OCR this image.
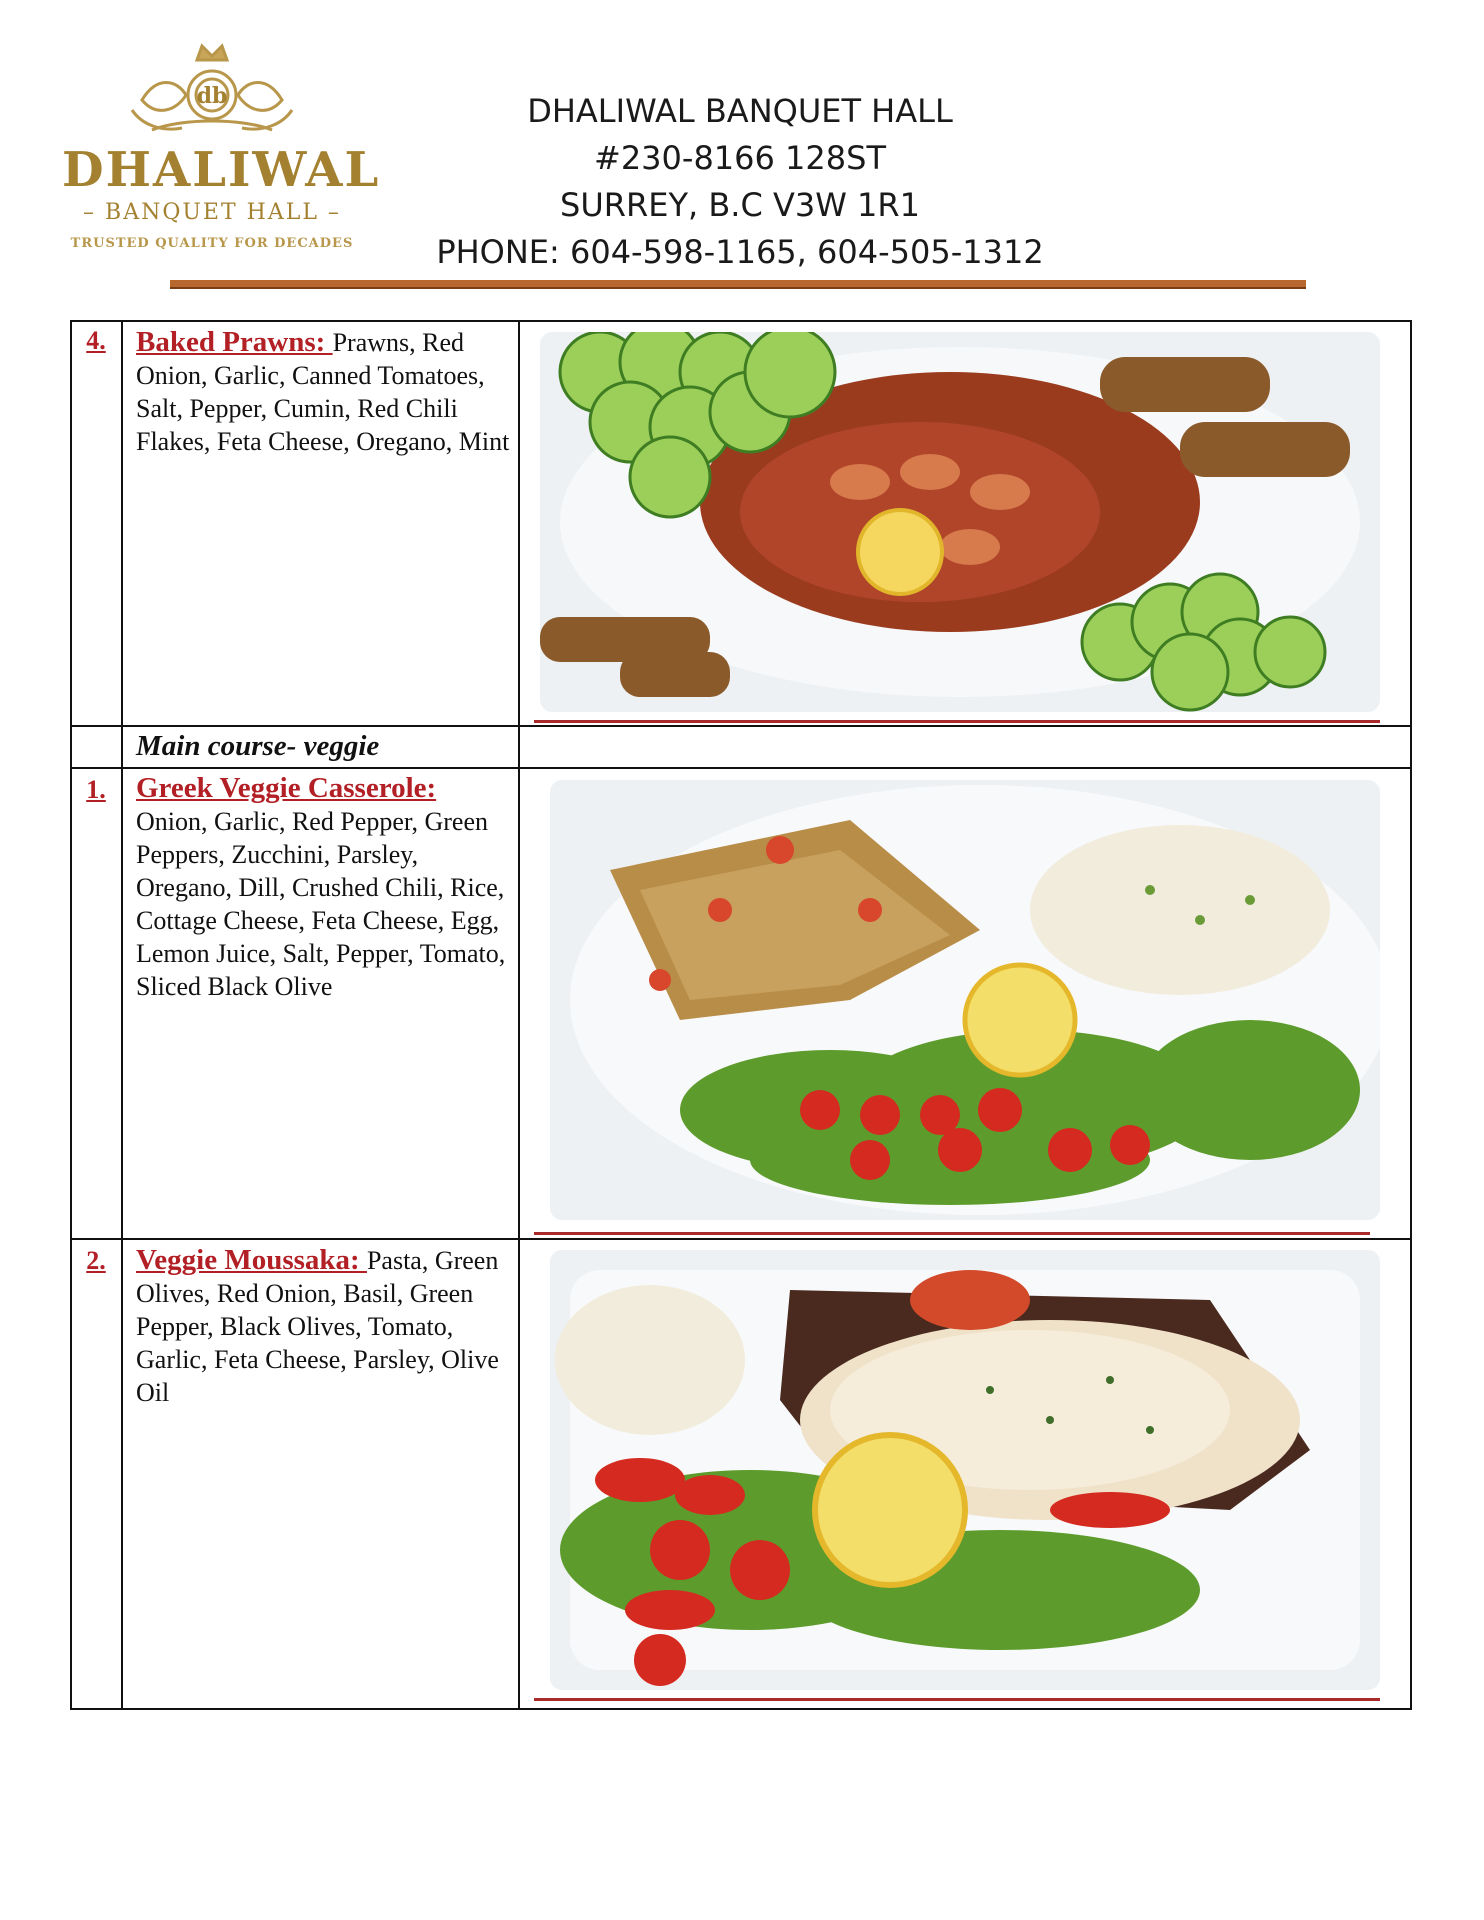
db
DHALIWAL
– BANQUET HALL –
TRUSTED QUALITY FOR DECADES
DHALIWAL BANQUET HALL
#230-8166 128ST
SURREY, B.C V3W 1R1
PHONE: 604-598-1165, 604-505-1312
4.	Baked Prawns: Prawns, Red Onion, Garlic, Canned Tomatoes, Salt, Pepper, Cumin, Red Chili Flakes, Feta Cheese, Oregano, Mint
Main course- veggie
1.	Greek Veggie Casserole:
Onion, Garlic, Red Pepper, Green Peppers, Zucchini, Parsley, Oregano, Dill, Crushed Chili, Rice, Cottage Cheese, Feta Cheese, Egg, Lemon Juice, Salt, Pepper, Tomato, Sliced Black Olive
2.	Veggie Moussaka: Pasta, Green Olives, Red Onion, Basil, Green Pepper, Black Olives, Tomato, Garlic, Feta Cheese, Parsley, Olive Oil
